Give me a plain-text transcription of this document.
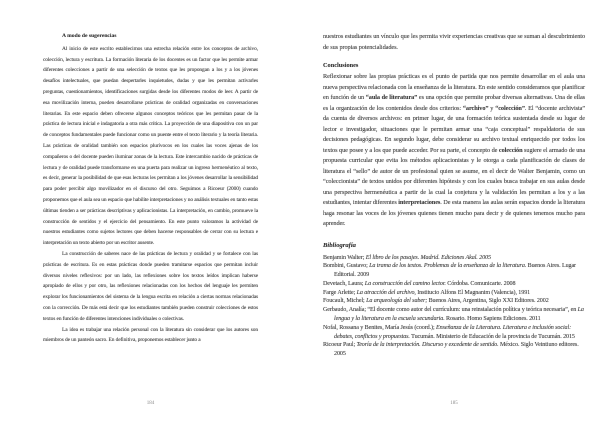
A modo de sugerencias

Al inicio de este escrito establecimos una estrecha relación entre los conceptos de archivo, colección, lectura y escritura. La formación literaria de los docentes es un factor que les permite armar diferentes colecciones a partir de una selección de textos que les propongan a los y a los jóvenes desafíos intelectuales, que puedan despertarles inquietudes, dudas y que les permitan activarles preguntas, cuestionamientos, identificaciones surgidas desde los diferentes modos de leer. A partir de esa movilización interna, pueden desarrollarse prácticas de oralidad organizadas en conversaciones literarias. En este espacio deben ofrecerse algunos conceptos teóricos que les permitan pasar de la práctica de lectura inicial e indagatoria a otra más crítica. La proyección de una diapositiva con un par de conceptos fundamentales puede funcionar como un puente entre el texto literario y la teoría literaria. Las prácticas de oralidad también son espacios plurívocos en los cuales las voces ajenas de los compañeros o del docente pueden iluminar zonas de la lectura. Este intercambio nacido de prácticas de lectura y de oralidad puede transformarse en una puerta para realizar un ingreso hermenéutico al texto, es decir, generar la posibilidad de que esas lecturas les permitan a los jóvenes desarrollar la sensibilidad para poder percibir algo movilizador en el discurso del otro. Seguimos a Ricoeur (2000) cuando proponemos que el aula sea un espacio que habilite interpretaciones y no análisis textuales en tanto estas últimas tienden a ser prácticas descriptivas y aplicacionistas. La interpretación, en cambio, promueve la construcción de sentidos y el ejercicio del pensamiento. En este punto valoramos la actividad de nuestros estudiantes como sujetos lectores que deben hacerse responsables de cerrar con su lectura e interpretación un texto abierto por un escritor ausente.

La construcción de saberes nace de las prácticas de lectura y oralidad y se fortalece con las prácticas de escritura. Es en estas prácticas donde pueden tramitarse espacios que permitan incluir diversos niveles reflexivos: por un lado, las reflexiones sobre los textos leídos implican haberse apropiado de ellos y por otro, las reflexiones relacionadas con los hechos del lenguaje les permiten explorar los funcionamientos del sistema de la lengua escrita en relación a ciertas normas relacionadas con la corrección. De más está decir que los estudiantes también pueden construir colecciones de estos textos en función de diferentes intenciones individuales o colectivas.

La idea es trabajar una relación personal con la literatura sin considerar que los autores son miembros de un panteón sacro. En definitiva, proponemos establecer junto a

nuestros estudiantes un vínculo que les permita vivir experiencias creativas que se suman al descubrimiento de sus propias potencialidades.

Conclusiones

Reflexionar sobre las propias prácticas es el punto de partida que nos permite desarrollar en el aula una nueva perspectiva relacionada con la enseñanza de la literatura. En este sentido consideramos que planificar en función de un “aula de literatura” es una opción que permite probar diversas alternativas. Una de ellas es la organización de los contenidos desde dos criterios: “archivo” y “colección”. El “docente archivista” da cuenta de diversos archivos: en primer lugar, de una formación teórica sustentada desde su lugar de lector e investigador, situaciones que le permitan armar una “caja conceptual” respaldatoria de sus decisiones pedagógicas. En segundo lugar, debe considerar su archivo textual enriquecido por todos los textos que posee y a los que puede acceder. Por su parte, el concepto de colección sugiere el armado de una propuesta curricular que evita los métodos aplicacionistas y le otorga a cada planificación de clases de literatura el “sello” de autor de un profesional quien se asume, en el decir de Walter Benjamin, como un “coleccionista” de textos unidos por diferentes hipótesis y con los cuales busca trabajar en sus aulas desde una perspectiva hermenéutica a partir de la cual la conjetura y la validación les permitan a los y a las estudiantes, intentar diferentes interpretaciones. De esta manera las aulas serán espacios donde la literatura haga resonar las voces de los jóvenes quienes tienen mucho para decir y de quienes tenemos mucho para aprender.

Bibliografía

Benjamin Walter; El libro de los pasajes. Madrid. Ediciones Akal. 2005

Bombini, Gustavo; La trama de los textos. Problemas de la enseñanza de la literatura. Buenos Aires. Lugar Editorial. 2009

Devetach, Laura; La construcción del camino lector. Córdoba. Comunicarte. 2008

Farge Arlette; La atracción del archivo, Institucio Alfons El Magnanim (Valencia), 1991

Foucault, Michel; La arqueología del saber; Buenos Aires, Argentina, Siglo XXI Editores. 2002

Gerbaudo, Analía; “El docente como autor del currículum: una reinstalación política y teórica necesaria”, en La lengua y la literatura en la escuela secundaria. Rosario. Homo Sapiens Ediciones. 2011

Nofal, Rossana y Benites, María Jesús (coord.); Enseñanza de la Literatura. Literatura e inclusión social: debates, conflictos y propuestas. Tucumán. Ministerio de Educación de la provincia de Tucumán. 2015

Ricoeur Paul; Teoría de la interpretación. Discurso y excedente de sentido. México. Siglo Veintiuno editores. 2005

184	185
